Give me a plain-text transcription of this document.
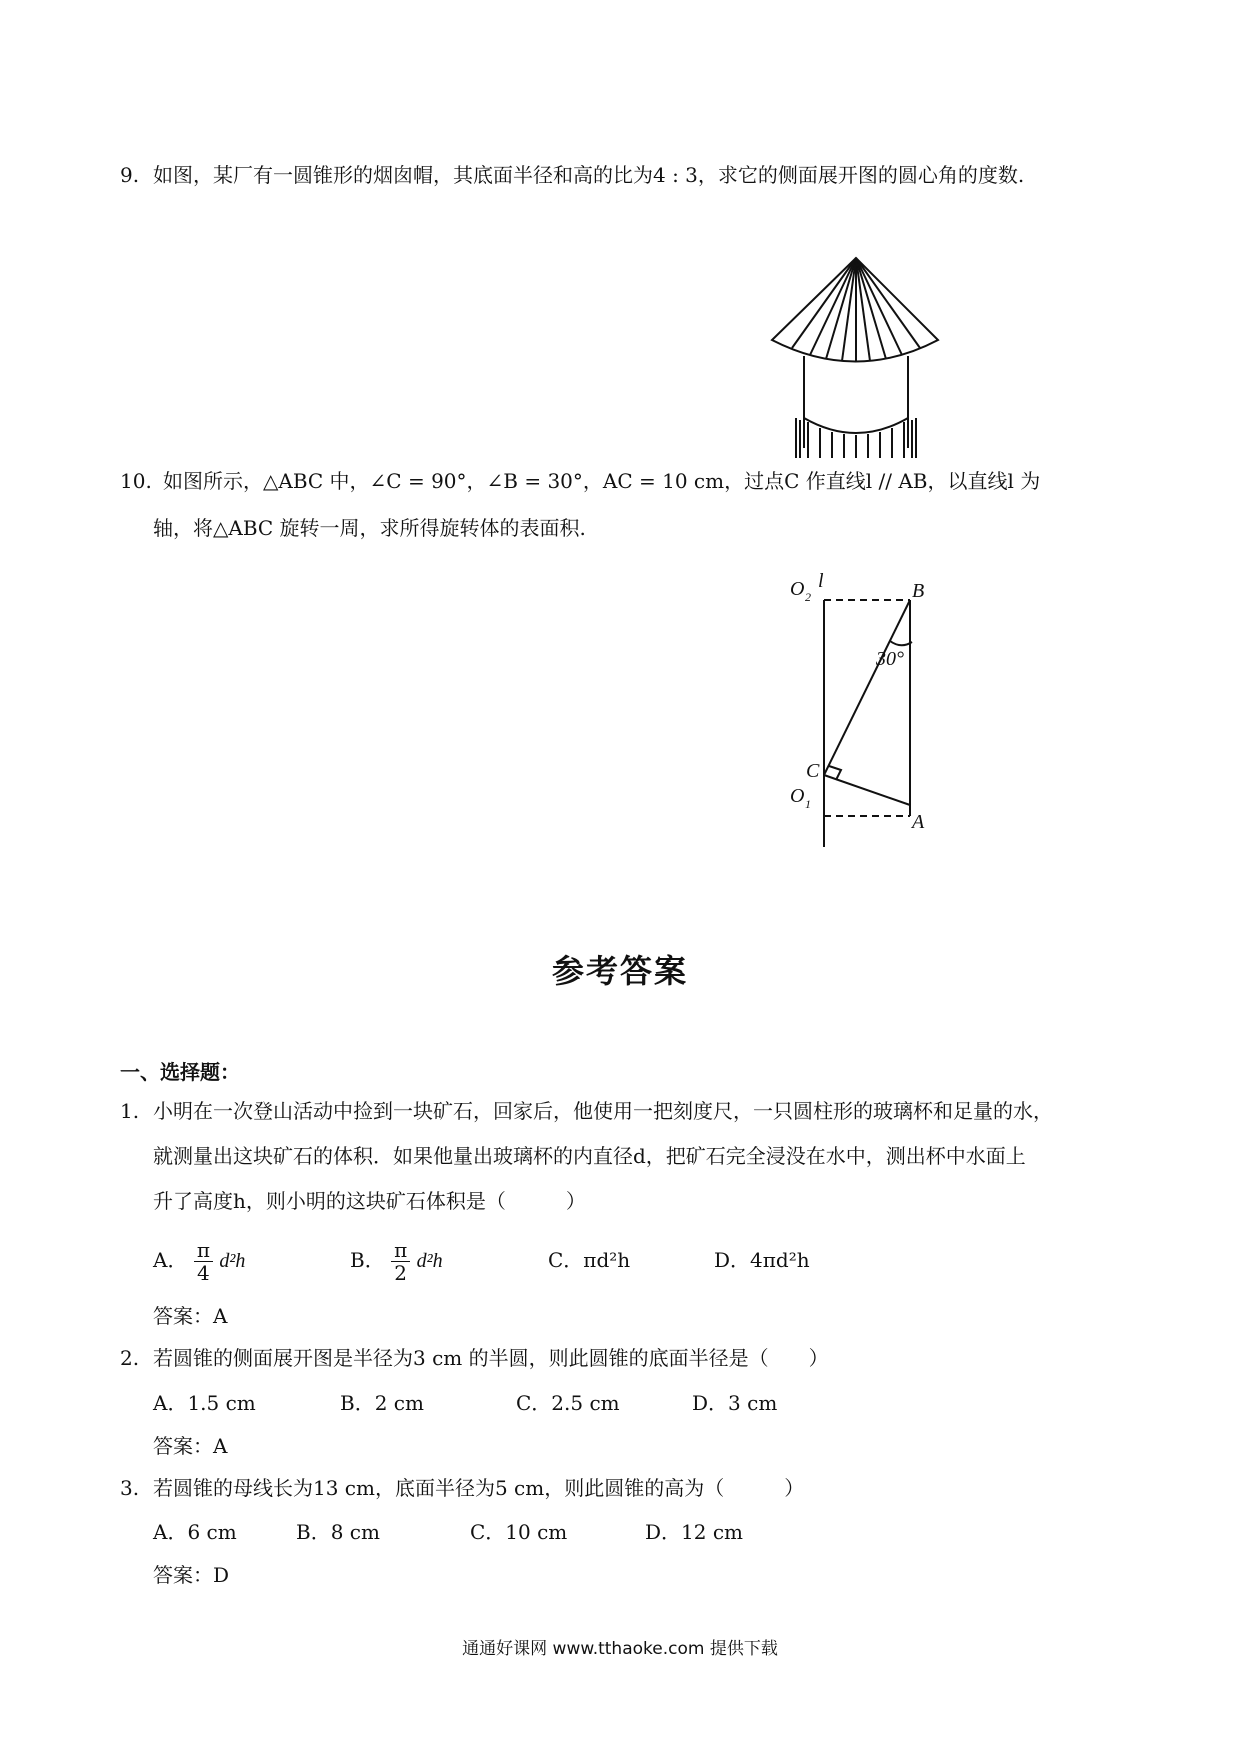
9. 如图，某厂有一圆锥形的烟囱帽，其底面半径和高的比为4 : 3，求它的侧面展开图的圆心角的度数.
10. 如图所示，△ABC 中，∠C = 90°，∠B = 30°，AC = 10 cm，过点C 作直线l // AB，以直线l 为
轴，将△ABC 旋转一周，求所得旋转体的表面积.
O 2
l	B
30°
C
O 1
A
参考答案
一、选择题：
1. 小明在一次登山活动中捡到一块矿石，回家后，他使用一把刻度尺，一只圆柱形的玻璃杯和足量的水，
就测量出这块矿石的体积．如果他量出玻璃杯的内直径d，把矿石完全浸没在水中，测出杯中水面上
升了高度h，则小明的这块矿石体积是（　　　）
A． $\frac{\pi}{4} d^2h$	B． $\frac{\pi}{2} d^2h$	C．πd²h	D．4πd²h
答案：A
2. 若圆锥的侧面展开图是半径为3 cm 的半圆，则此圆锥的底面半径是（　　）
A．1.5 cm	B．2 cm	C．2.5 cm	D．3 cm
答案：A
3. 若圆锥的母线长为13 cm，底面半径为5 cm，则此圆锥的高为（　　　）
A．6 cm	B．8 cm	C．10 cm	D．12 cm
答案：D
通通好课网 www.tthaoke.com 提供下载
